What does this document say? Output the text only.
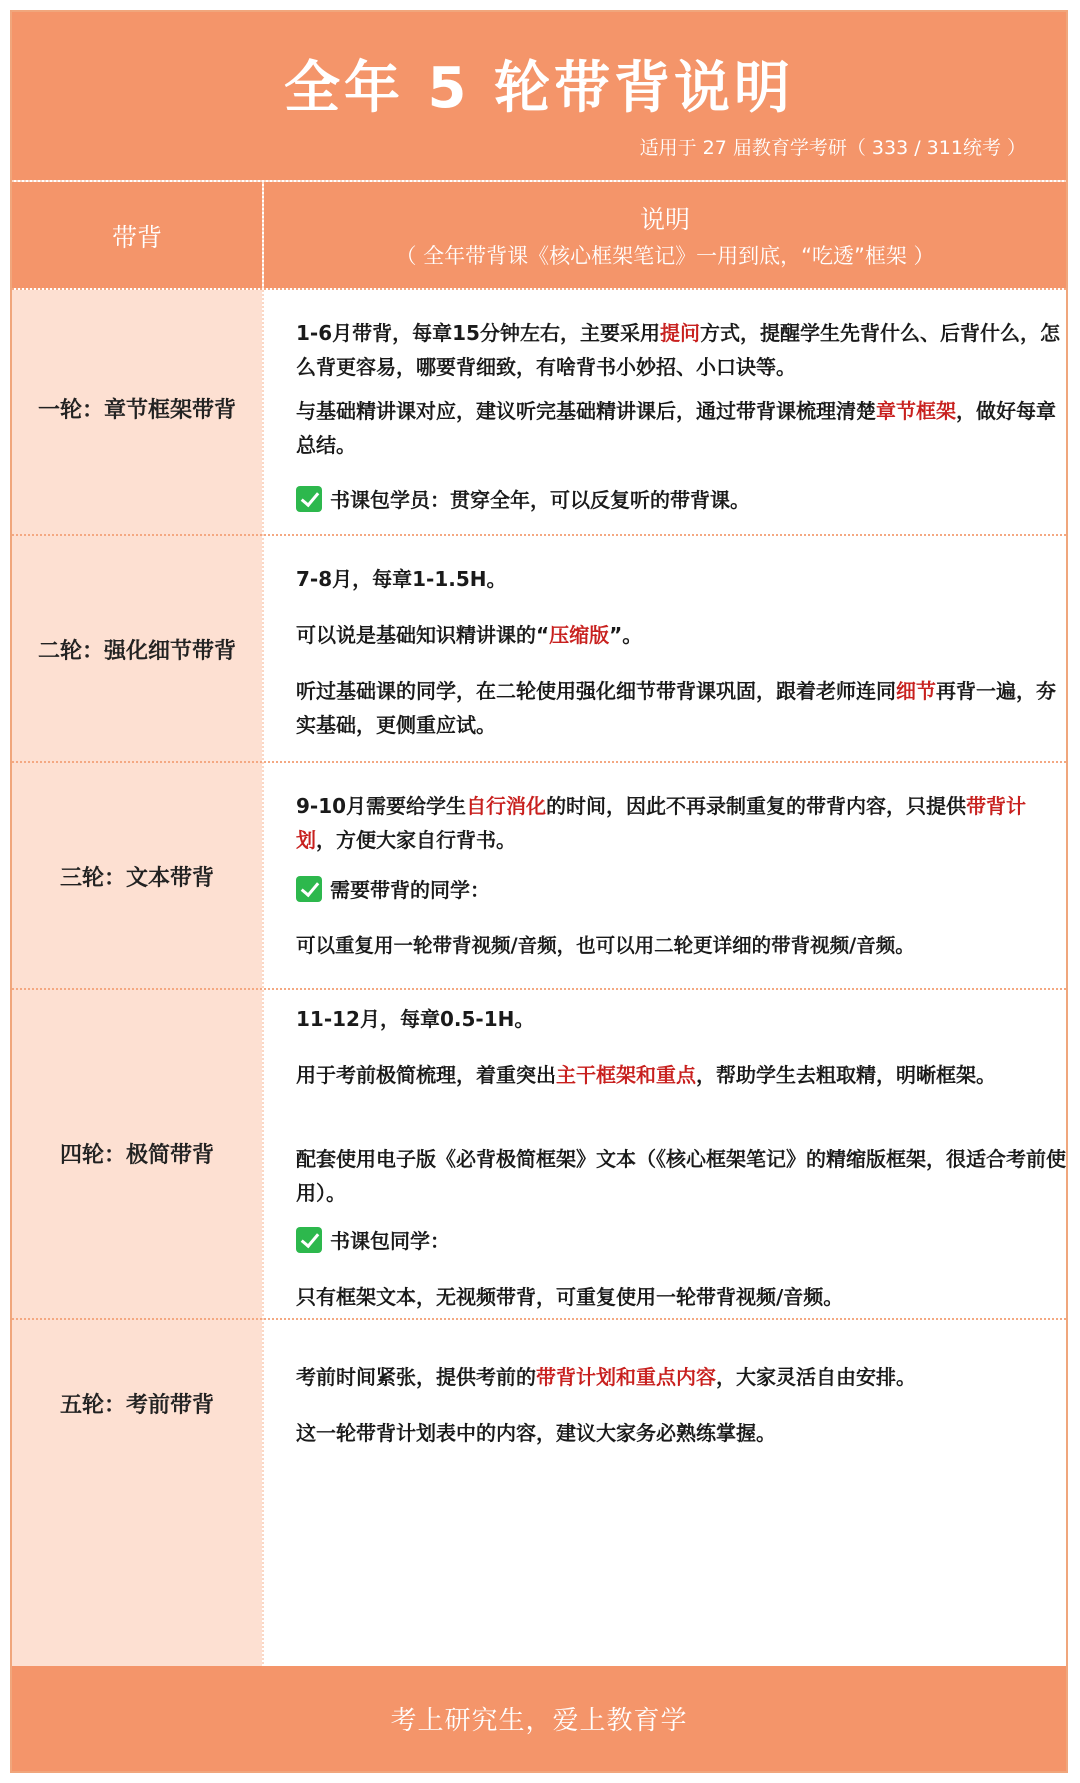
全年 5 轮带背说明
适用于 27 届教育学考研（ 333 / 311统考 ）
带背
说明
（ 全年带背课《核心框架笔记》一用到底，“吃透”框架 ）
一轮：章节框架带背
1-6月带背，每章15分钟左右，主要采用提问方式，提醒学生先背什么、后背什么，怎么背更容易，哪要背细致，有啥背书小妙招、小口诀等。
与基础精讲课对应，建议听完基础精讲课后，通过带背课梳理清楚章节框架，做好每章总结。
书课包学员：贯穿全年，可以反复听的带背课。
二轮：强化细节带背
7-8月，每章1-1.5H。
可以说是基础知识精讲课的“压缩版”。
听过基础课的同学，在二轮使用强化细节带背课巩固，跟着老师连同细节再背一遍，夯实基础，更侧重应试。
三轮：文本带背
9-10月需要给学生自行消化的时间，因此不再录制重复的带背内容，只提供带背计划，方便大家自行背书。
需要带背的同学：
可以重复用一轮带背视频/音频，也可以用二轮更详细的带背视频/音频。
四轮：极简带背
11-12月，每章0.5-1H。
用于考前极简梳理，着重突出主干框架和重点，帮助学生去粗取精，明晰框架。
配套使用电子版《必背极简框架》文本（《核心框架笔记》的精缩版框架，很适合考前使用）。
书课包同学：
只有框架文本，无视频带背，可重复使用一轮带背视频/音频。
五轮：考前带背
考前时间紧张，提供考前的带背计划和重点内容，大家灵活自由安排。
这一轮带背计划表中的内容，建议大家务必熟练掌握。
考上研究生，爱上教育学
